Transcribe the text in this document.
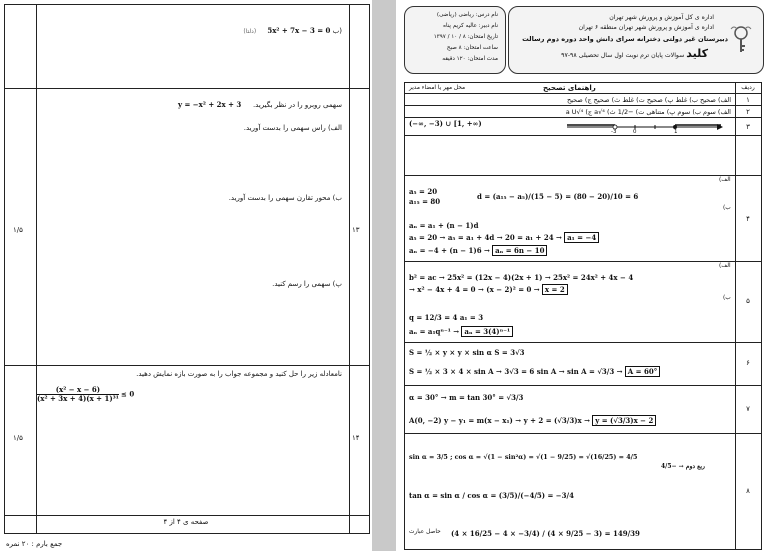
(دلتا) 5x² + 7x − 3 = 0 ب)
سهمی روبرو را در نظر بگیرید.
y = −x² + 2x + 3
الف) راس سهمی را بدست آورید.
ب) محور تقارن سهمی را بدست آورید.
پ) سهمی را رسم کنید.
۱۳
۱/۵
نامعادله زیر را حل کنید و مجموعه جواب را به صورت بازه نمایش دهید.
$\frac{\text{(x² − x − 6)}}{\text{(x² + 3x + 4)(x + 1)³¹}} \le 0$
۱۴
۱/۵
صفحه ی ۴ از ۴
جمع بارم : ۲۰ نمره
اداره ی کل آموزش و پرورش شهر تهران
اداره ی آموزش و پرورش شهر تهران منطقه ۶ تهران
دبیرستان غیر دولتی دخترانه سرای دانش واحد دوره دوم رسالت
کلید سوالات پایان ترم نوبت اول سال تحصیلی ۹۸-۹۷
نام درس: ریاضی (ریاضی)
نام دبیر: عالیه کریم پناه
تاریخ امتحان: ۸ / ۱۰ / ۱۳۹۷
ساعت امتحان: ۸ صبح
مدت امتحان: ۱۲۰ دقیقه
ردیف
راهنمای تصحیح
محل مهر یا امضاء مدیر
۱
الف) صحیح ب) غلط پ) صحیح ت) غلط ث) صحیح ج) صحیح
۲
الف) سوم ب) سوم پ) متناهی ت) −1/2 ث) ⁴√a ج) ⁴√a U
۳
(−∞, −3) ∪ [1, +∞)
-3	0	1
۴
الف)
a₅ = 20
a₁₅ = 80
d = (a₁₅ − a₅)/(15 − 5) = (80 − 20)/10 = 6
ب)
aₙ = a₁ + (n − 1)d
a₅ = 20 → a₅ = a₁ + 4d → 20 = a₁ + 24 → a₁ = −4
aₙ = −4 + (n − 1)6 → aₙ = 6n − 10
۵
الف)
b² = ac → 25x² = (12x − 4)(2x + 1) → 25x² = 24x² + 4x − 4
→ x² − 4x + 4 = 0 → (x − 2)² = 0 → x = 2
ب)
q = 12/3 = 4 a₁ = 3
aₙ = a₁qⁿ⁻¹ → aₙ = 3(4)ⁿ⁻¹
۶
S = ½ × y × y × sin α S = 3√3
S = ½ × 3 × 4 × sin A → 3√3 = 6 sin A → sin A = √3/3 → A = 60°
۷
α = 30° → m = tan 30° = √3/3
A(0, −2) y − y₁ = m(x − x₁) → y + 2 = (√3/3)x → y = (√3/3)x − 2
۸
sin α = 3/5 ; cos α = √(1 − sin²α) = √(1 − 9/25) = √(16/25) = 4/5
ربع دوم → −4/5
tan α = sin α / cos α = (3/5)/(−4/5) = −3/4
حاصل عبارت (4 × 16/25 − 4 × −3/4) / (4 × 9/25 − 3) = 149/39
